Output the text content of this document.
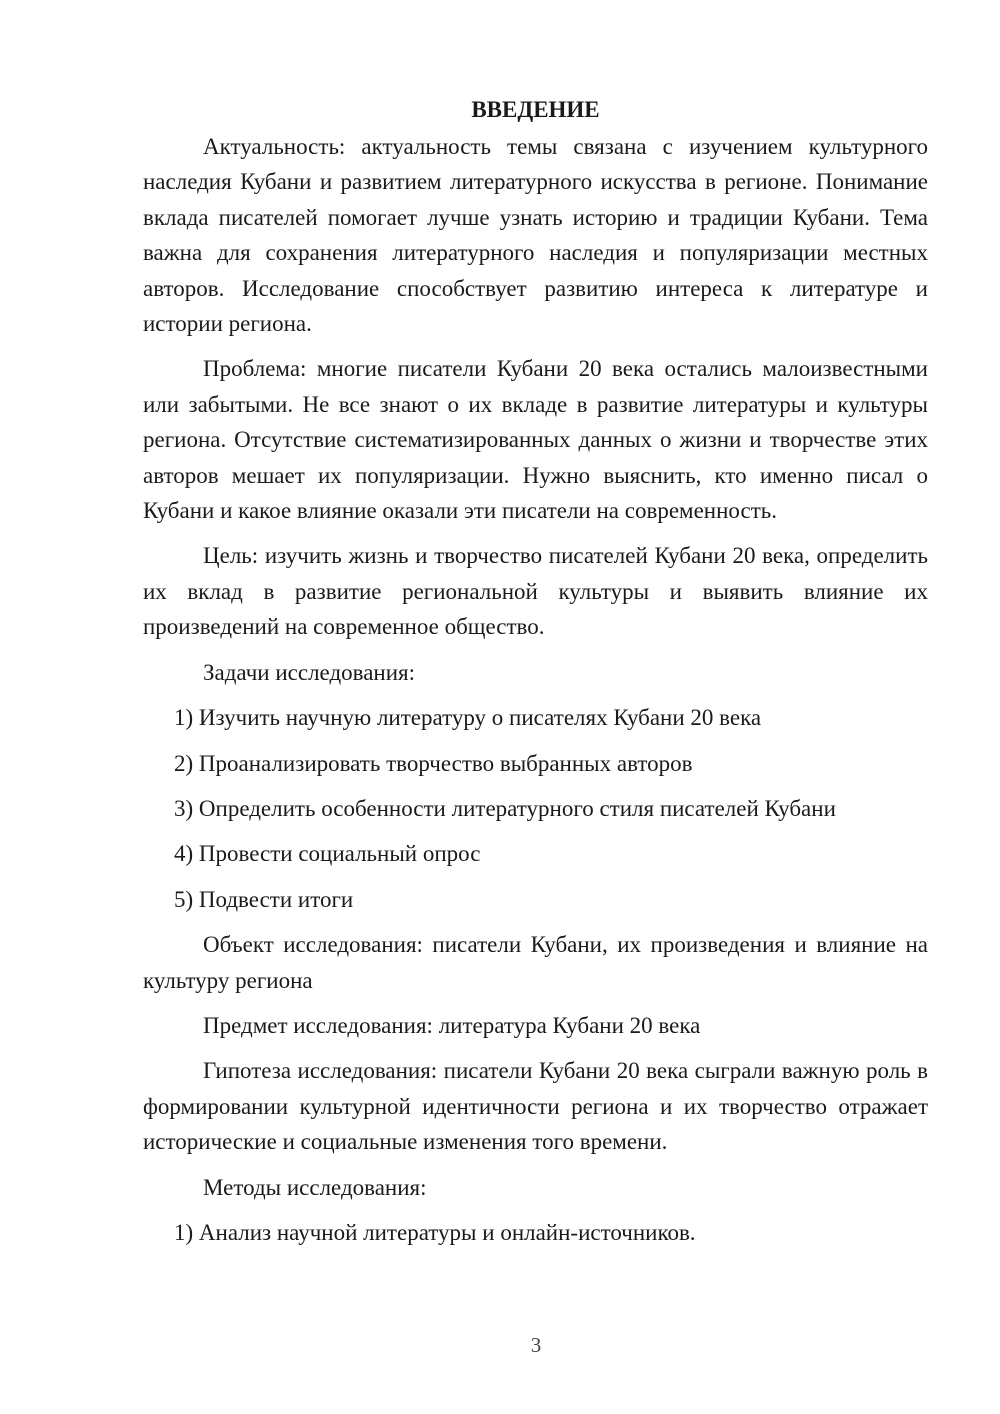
ВВЕДЕНИЕ

Актуальность: актуальность темы связана с изучением культурного наследия Кубани и развитием литературного искусства в регионе. Понимание вклада писателей помогает лучше узнать историю и традиции Кубани. Тема важна для сохранения литературного наследия и популяризации местных авторов. Исследование способствует развитию интереса к литературе и истории региона.

Проблема: многие писатели Кубани 20 века остались малоизвестными или забытыми. Не все знают о их вкладе в развитие литературы и культуры региона. Отсутствие систематизированных данных о жизни и творчестве этих авторов мешает их популяризации. Нужно выяснить, кто именно писал о Кубани и какое влияние оказали эти писатели на современность.

Цель: изучить жизнь и творчество писателей Кубани 20 века, определить их вклад в развитие региональной культуры и выявить влияние их произведений на современное общество.

Задачи исследования:

1) Изучить научную литературу о писателях Кубани 20 века

2) Проанализировать творчество выбранных авторов

3) Определить особенности литературного стиля писателей Кубани

4) Провести социальный опрос

5) Подвести итоги

Объект исследования: писатели Кубани, их произведения и влияние на культуру региона

Предмет исследования: литература Кубани 20 века

Гипотеза исследования: писатели Кубани 20 века сыграли важную роль в формировании культурной идентичности региона и их творчество отражает исторические и социальные изменения того времени.

Методы исследования:

1) Анализ научной литературы и онлайн-источников.

3
